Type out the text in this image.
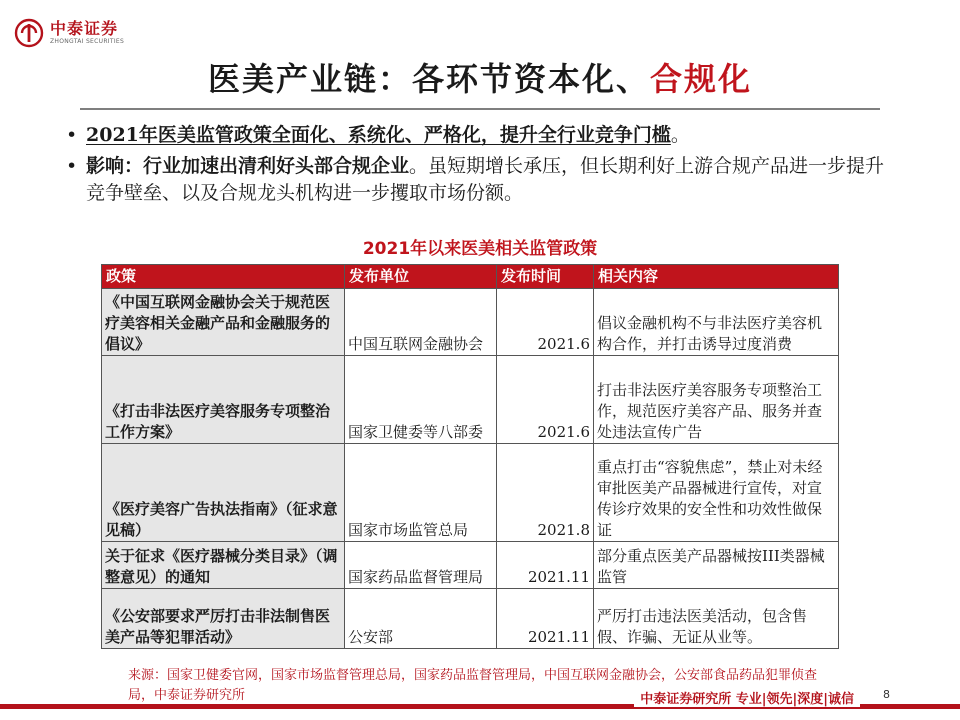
中泰证券
ZHONGTAI SECURITIES
医美产业链：各环节资本化、合规化
• 2021年医美监管政策全面化、系统化、严格化，提升全行业竞争门槛。
• 影响：行业加速出清利好头部合规企业。虽短期增长承压，但长期利好上游合规产品进一步提升竞争壁垒、以及合规龙头机构进一步攫取市场份额。
2021年以来医美相关监管政策
政策	发布单位	发布时间	相关内容
《中国互联网金融协会关于规范医疗美容相关金融产品和金融服务的倡议》	中国互联网金融协会	2021.6	倡议金融机构不与非法医疗美容机构合作，并打击诱导过度消费
《打击非法医疗美容服务专项整治工作方案》	国家卫健委等八部委	2021.6	打击非法医疗美容服务专项整治工作，规范医疗美容产品、服务并查处违法宣传广告
《医疗美容广告执法指南》（征求意见稿）	国家市场监管总局	2021.8	重点打击“容貌焦虑”，禁止对未经审批医美产品器械进行宣传，对宣传诊疗效果的安全性和功效性做保证
关于征求《医疗器械分类目录》（调整意见）的通知	国家药品监督管理局	2021.11	部分重点医美产品器械按III类器械监管
《公安部要求严厉打击非法制售医美产品等犯罪活动》	公安部	2021.11	严厉打击违法医美活动，包含售假、诈骗、无证从业等。
来源：国家卫健委官网，国家市场监督管理总局，国家药品监督管理局，中国互联网金融协会，公安部食品药品犯罪侦查局，中泰证券研究所	中泰证券研究所 专业|领先|深度|诚信	8
